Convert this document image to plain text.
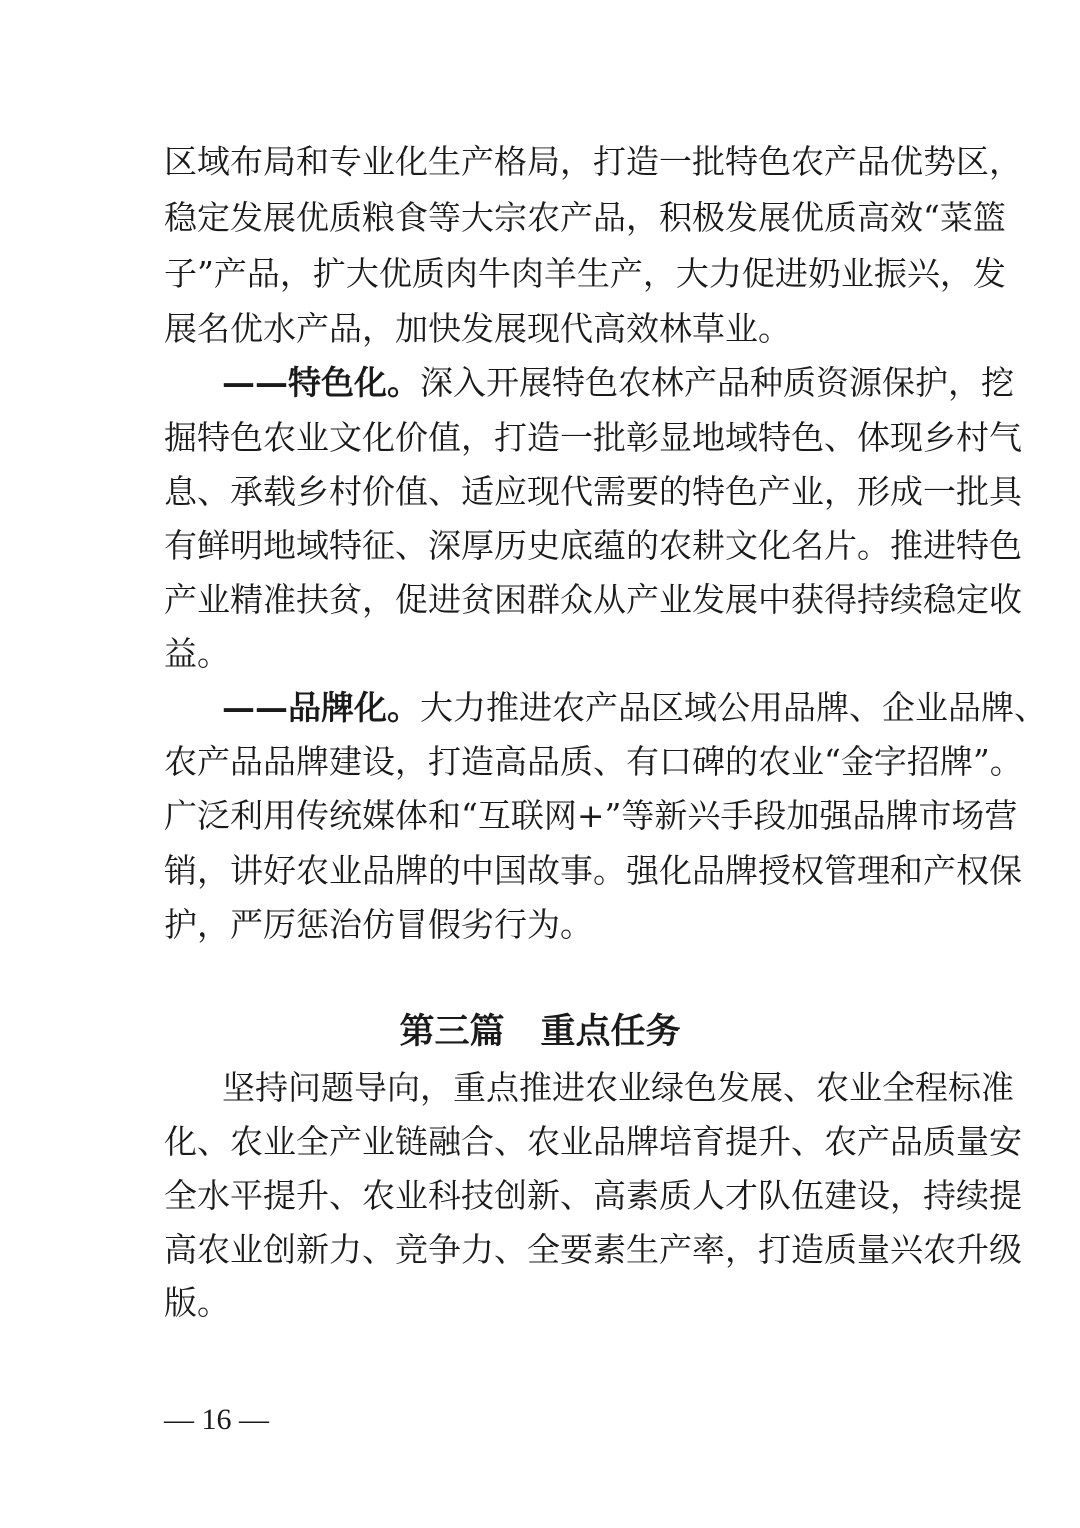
区域布局和专业化生产格局，打造一批特色农产品优势区，
稳定发展优质粮食等大宗农产品，积极发展优质高效“菜篮
子”产品，扩大优质肉牛肉羊生产，大力促进奶业振兴，发
展名优水产品，加快发展现代高效林草业。
——特色化。深入开展特色农林产品种质资源保护，挖
掘特色农业文化价值，打造一批彰显地域特色、体现乡村气
息、承载乡村价值、适应现代需要的特色产业，形成一批具
有鲜明地域特征、深厚历史底蕴的农耕文化名片。推进特色
产业精准扶贫，促进贫困群众从产业发展中获得持续稳定收
益。
——品牌化。大力推进农产品区域公用品牌、企业品牌、
农产品品牌建设，打造高品质、有口碑的农业“金字招牌”。
广泛利用传统媒体和“互联网+”等新兴手段加强品牌市场营
销，讲好农业品牌的中国故事。强化品牌授权管理和产权保
护，严厉惩治仿冒假劣行为。
第三篇 重点任务
坚持问题导向，重点推进农业绿色发展、农业全程标准
化、农业全产业链融合、农业品牌培育提升、农产品质量安
全水平提升、农业科技创新、高素质人才队伍建设，持续提
高农业创新力、竞争力、全要素生产率，打造质量兴农升级
版。
— 16 —
